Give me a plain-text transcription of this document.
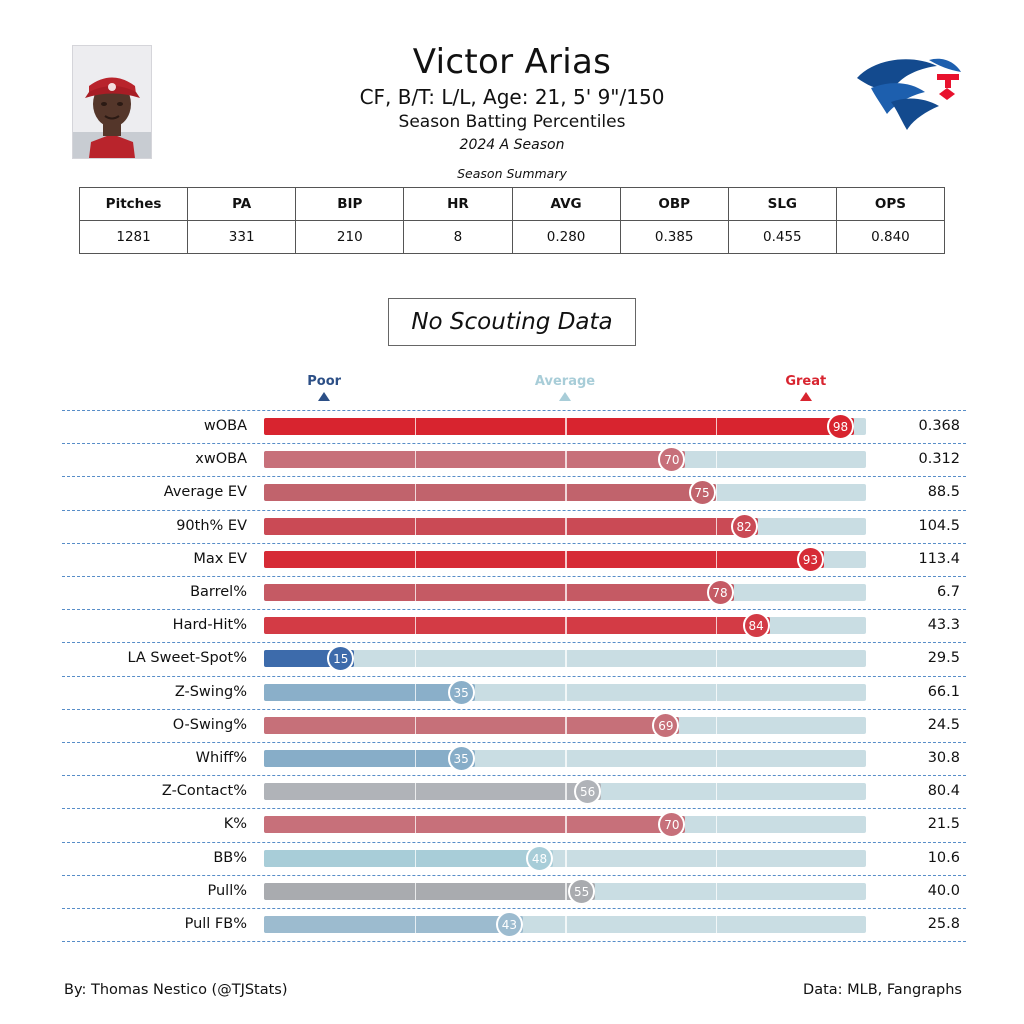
Victor Arias
CF, B/T: L/L, Age: 21, 5' 9"/150
Season Batting Percentiles
2024 A Season
Season Summary
Pitches	PA	BIP	HR	AVG	OBP	SLG	OPS
1281	331	210	8	0.280	0.385	0.455	0.840
No Scouting Data
Poor	Average	Great
wOBA	98	0.368
xwOBA	70	0.312
Average EV	75	88.5
90th% EV	82	104.5
Max EV	93	113.4
Barrel%	78	6.7
Hard-Hit%	84	43.3
LA Sweet-Spot%	15	29.5
Z-Swing%	35	66.1
O-Swing%	69	24.5
Whiff%	35	30.8
Z-Contact%	56	80.4
K%	70	21.5
BB%	48	10.6
Pull%	55	40.0
Pull FB%	43	25.8
By: Thomas Nestico (@TJStats)	Data: MLB, Fangraphs
